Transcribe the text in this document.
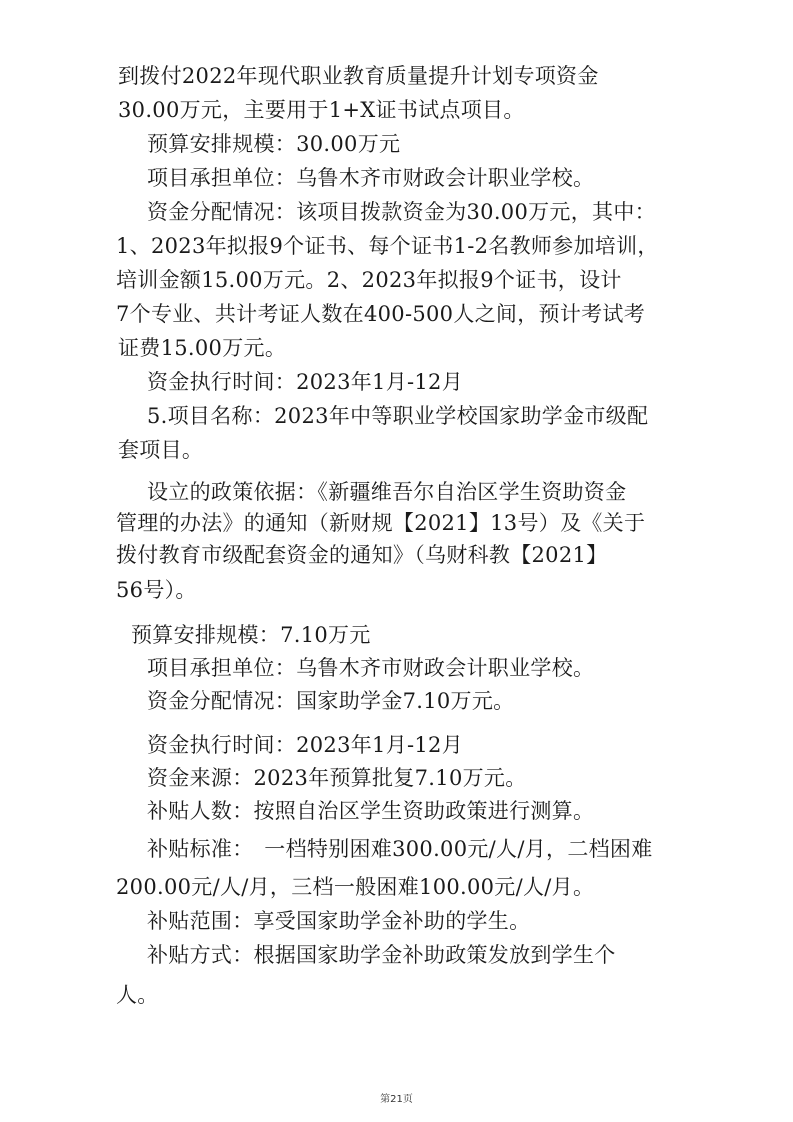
到拨付2022年现代职业教育质量提升计划专项资金
30.00万元，主要用于1+X证书试点项目。
预算安排规模：30.00万元
项目承担单位：乌鲁木齐市财政会计职业学校。
资金分配情况：该项目拨款资金为30.00万元，其中：
1、2023年拟报9个证书、每个证书1-2名教师参加培训，
培训金额15.00万元。2、2023年拟报9个证书，设计
7个专业、共计考证人数在400-500人之间，预计考试考
证费15.00万元。
资金执行时间：2023年1月-12月
5.项目名称：2023年中等职业学校国家助学金市级配
套项目。
设立的政策依据：《新疆维吾尔自治区学生资助资金
管理的办法》的通知（新财规【2021】13号）及《关于
拨付教育市级配套资金的通知》（乌财科教【2021】
56号）。
预算安排规模：7.10万元
项目承担单位：乌鲁木齐市财政会计职业学校。
资金分配情况：国家助学金7.10万元。
资金执行时间：2023年1月-12月
资金来源：2023年预算批复7.10万元。
补贴人数：按照自治区学生资助政策进行测算。
补贴标准：　一档特别困难300.00元/人/月，二档困难
200.00元/人/月，三档一般困难100.00元/人/月。
补贴范围：享受国家助学金补助的学生。
补贴方式：根据国家助学金补助政策发放到学生个
人。
第21页
